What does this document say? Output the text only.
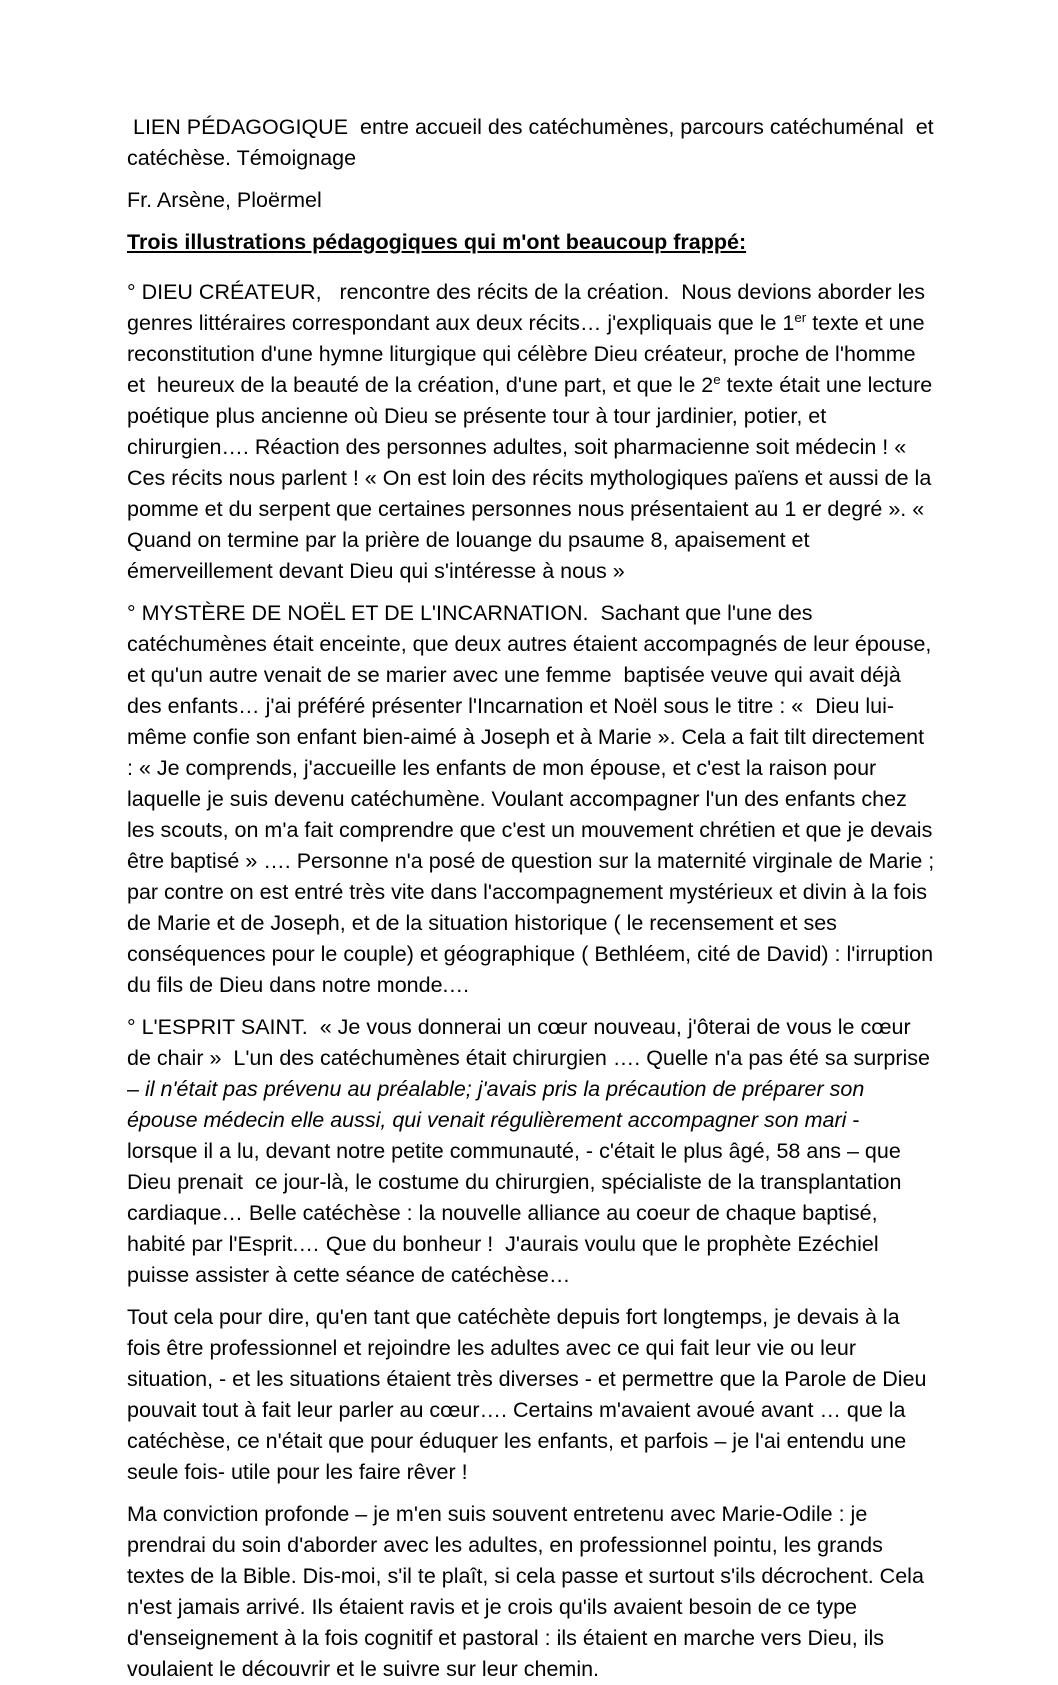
LIEN PÉDAGOGIQUE  entre accueil des catéchumènes, parcours catéchuménal  et catéchèse. Témoignage

Fr. Arsène, Ploërmel

Trois illustrations pédagogiques qui m'ont beaucoup frappé:

° DIEU CRÉATEUR,   rencontre des récits de la création.  Nous devions aborder les genres littéraires correspondant aux deux récits… j'expliquais que le 1er texte et une reconstitution d'une hymne liturgique qui célèbre Dieu créateur, proche de l'homme et  heureux de la beauté de la création, d'une part, et que le 2e texte était une lecture poétique plus ancienne où Dieu se présente tour à tour jardinier, potier, et chirurgien…. Réaction des personnes adultes, soit pharmacienne soit médecin ! «  Ces récits nous parlent ! « On est loin des récits mythologiques païens et aussi de la pomme et du serpent que certaines personnes nous présentaient au 1 er degré ». «  Quand on termine par la prière de louange du psaume 8, apaisement et émerveillement devant Dieu qui s'intéresse à nous »

° MYSTÈRE DE NOËL ET DE L'INCARNATION.  Sachant que l'une des catéchumènes était enceinte, que deux autres étaient accompagnés de leur épouse, et qu'un autre venait de se marier avec une femme  baptisée veuve qui avait déjà des enfants… j'ai préféré présenter l'Incarnation et Noël sous le titre : «  Dieu lui-même confie son enfant bien-aimé à Joseph et à Marie ». Cela a fait tilt directement : « Je comprends, j'accueille les enfants de mon épouse, et c'est la raison pour laquelle je suis devenu catéchumène. Voulant accompagner l'un des enfants chez les scouts, on m'a fait comprendre que c'est un mouvement chrétien et que je devais être baptisé » …. Personne n'a posé de question sur la maternité virginale de Marie ; par contre on est entré très vite dans l'accompagnement mystérieux et divin à la fois de Marie et de Joseph, et de la situation historique ( le recensement et ses conséquences pour le couple) et géographique ( Bethléem, cité de David) : l'irruption du fils de Dieu dans notre monde.…

° L'ESPRIT SAINT.  « Je vous donnerai un cœur nouveau, j'ôterai de vous le cœur de chair »  L'un des catéchumènes était chirurgien …. Quelle n'a pas été sa surprise – il n'était pas prévenu au préalable; j'avais pris la précaution de préparer son épouse médecin elle aussi, qui venait régulièrement accompagner son mari -  lorsque il a lu, devant notre petite communauté, - c'était le plus âgé, 58 ans – que Dieu prenait  ce jour-là, le costume du chirurgien, spécialiste de la transplantation cardiaque… Belle catéchèse : la nouvelle alliance au coeur de chaque baptisé, habité par l'Esprit.… Que du bonheur !  J'aurais voulu que le prophète Ezéchiel puisse assister à cette séance de catéchèse…

Tout cela pour dire, qu'en tant que catéchète depuis fort longtemps, je devais à la fois être professionnel et rejoindre les adultes avec ce qui fait leur vie ou leur situation, - et les situations étaient très diverses - et permettre que la Parole de Dieu pouvait tout à fait leur parler au cœur…. Certains m'avaient avoué avant … que la catéchèse, ce n'était que pour éduquer les enfants, et parfois – je l'ai entendu une seule fois- utile pour les faire rêver !

Ma conviction profonde – je m'en suis souvent entretenu avec Marie-Odile : je prendrai du soin d'aborder avec les adultes, en professionnel pointu, les grands textes de la Bible. Dis-moi, s'il te plaît, si cela passe et surtout s'ils décrochent. Cela n'est jamais arrivé. Ils étaient ravis et je crois qu'ils avaient besoin de ce type d'enseignement à la fois cognitif et pastoral : ils étaient en marche vers Dieu, ils voulaient le découvrir et le suivre sur leur chemin.
